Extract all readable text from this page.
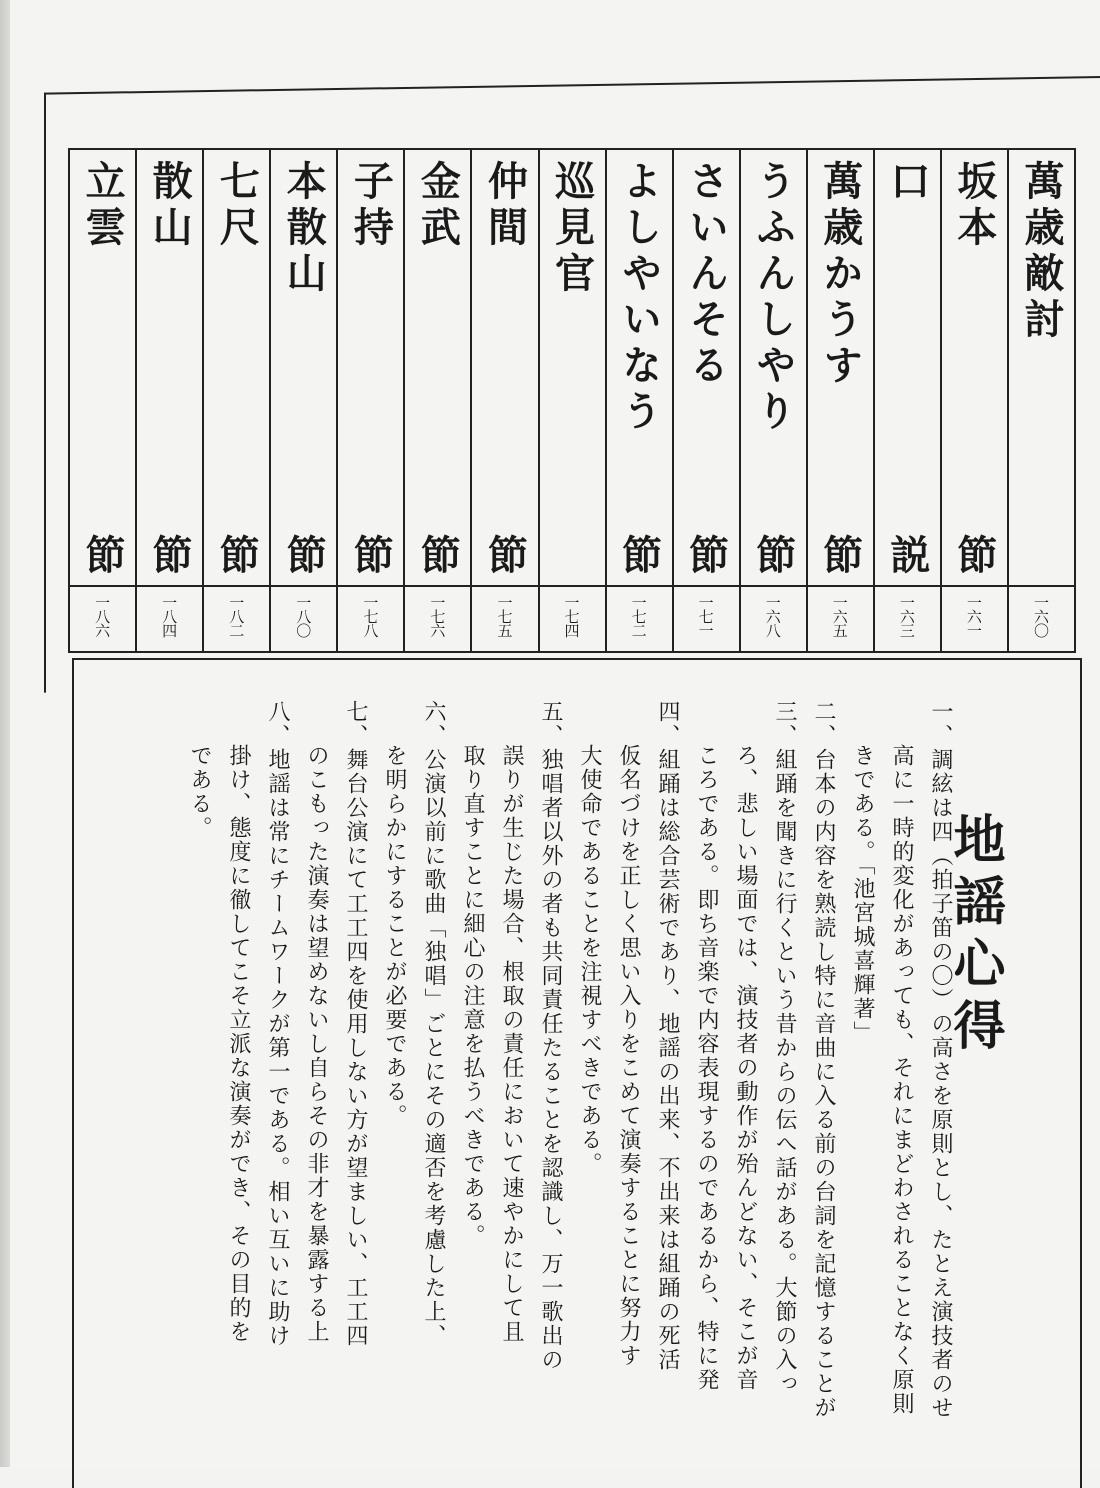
萬歳敵討
一六〇
坂本
節
一六一
口
説
一六三
萬歳かうす
節
一六五
うふんしやり
節
一六八
さいんそる
節
一七一
よしやいなう
節
一七二
巡見官
一七四
仲間
節
一七五
金武
節
一七六
子持
節
一七八
本散山
節
一八〇
七尺
節
一八二
散山
節
一八四
立雲
節
一八六
地謡心得

一、調絃は四（拍子笛の〇）の高さを原則とし、たとえ演技者のせ

高に一時的変化があっても、それにまどわされることなく原則
きである。「池宮城喜輝著」

二、台本の内容を熟読し特に音曲に入る前の台詞を記憶することが

三、組踊を聞きに行くという昔からの伝へ話がある。大節の入っ

ろ、悲しい場面では、演技者の動作が殆んどない、そこが音
ころである。即ち音楽で内容表現するのであるから、特に発

四、組踊は総合芸術であり、地謡の出来、不出来は組踊の死活

仮名づけを正しく思い入りをこめて演奏することに努力す
大使命であることを注視すべきである。

五、独唱者以外の者も共同責任たることを認識し、万一歌出の

誤りが生じた場合、根取の責任において速やかにして且
取り直すことに細心の注意を払うべきである。

六、公演以前に歌曲「独唱」ごとにその適否を考慮した上、

を明らかにすることが必要である。

七、舞台公演にて工工四を使用しない方が望ましい、工工四

のこもった演奏は望めないし自らその非才を暴露する上

八、地謡は常にチームワークが第一である。相い互いに助け

掛け、態度に徹してこそ立派な演奏ができ、その目的を
である。
